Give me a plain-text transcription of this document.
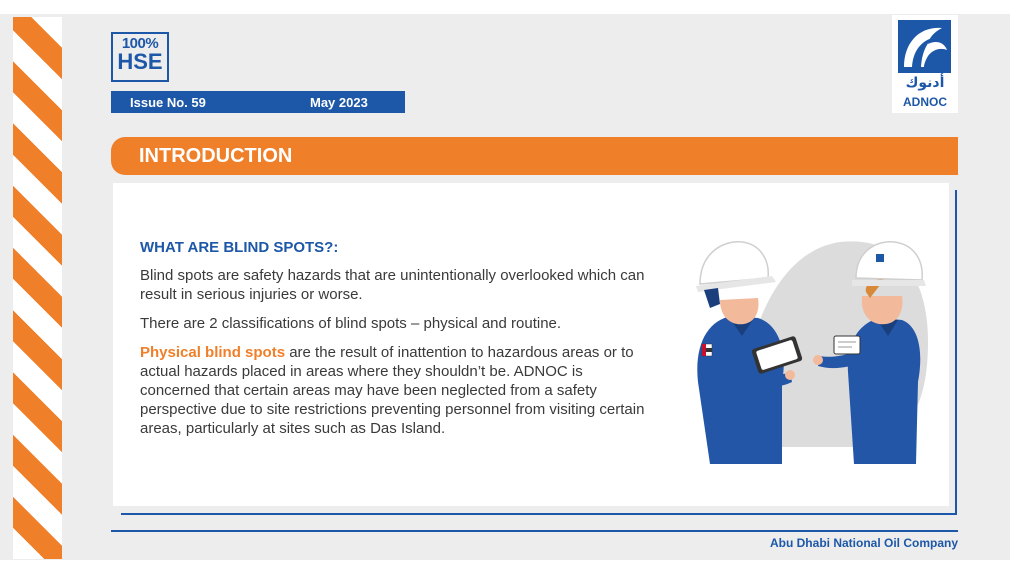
100%
HSE
Issue No. 59	May 2023
أدنوك
ADNOC
INTRODUCTION
WHAT ARE BLIND SPOTS?:

Blind spots are safety hazards that are unintentionally overlooked which can result in serious injuries or worse.

There are 2 classifications of blind spots – physical and routine.

Physical blind spots are the result of inattention to hazardous areas or to actual hazards placed in areas where they shouldn’t be. ADNOC is concerned that certain areas may have been neglected from a safety perspective due to site restrictions preventing personnel from visiting certain areas, particularly at sites such as Das Island.

Abu Dhabi National Oil Company
